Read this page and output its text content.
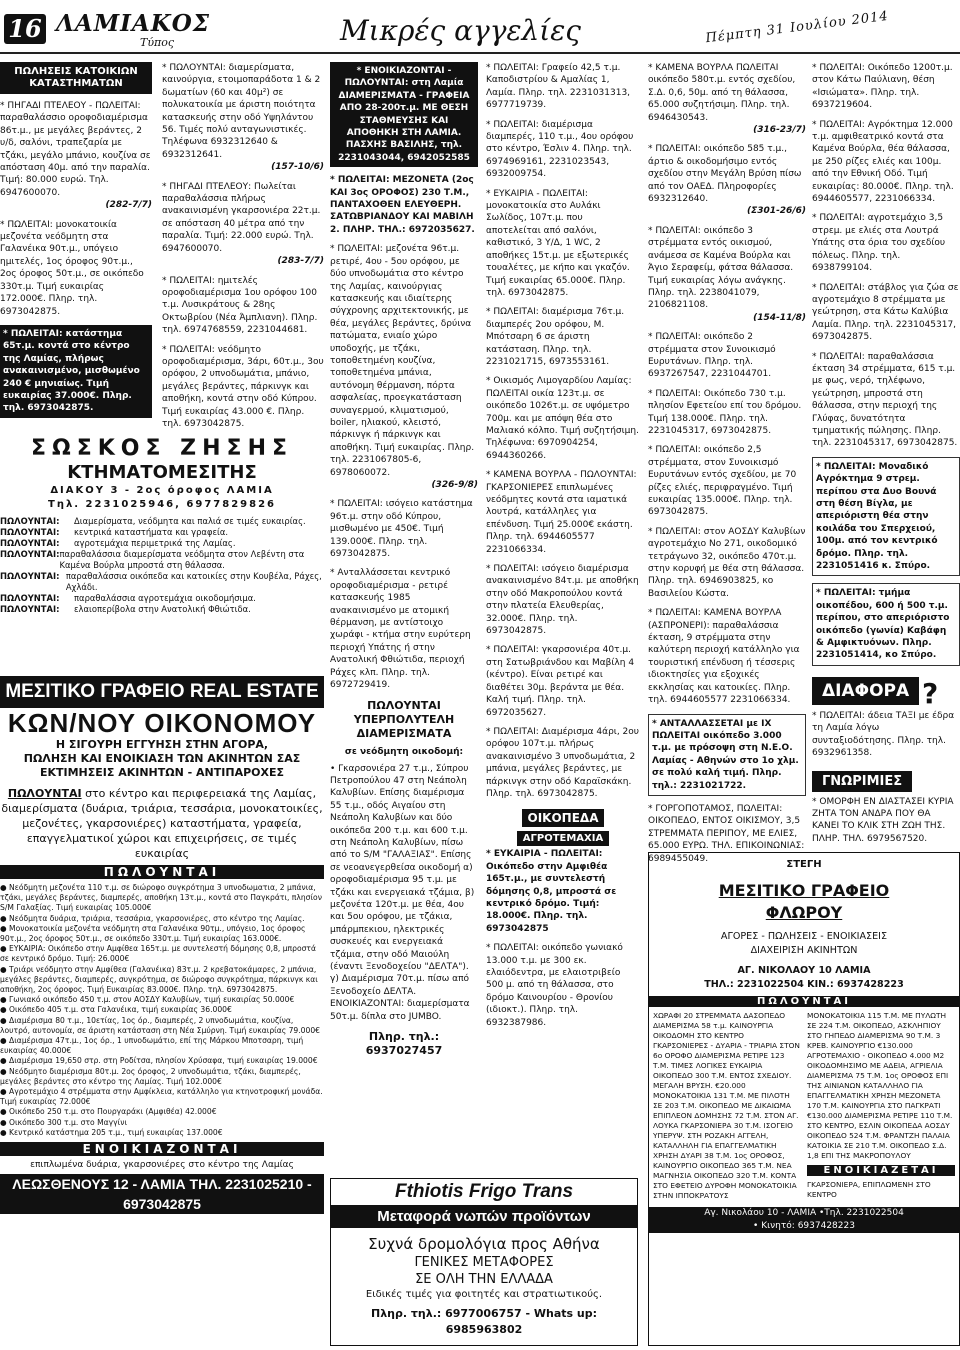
16 ΛΑΜΙΑΚΟΣ
Τύπος	Μικρές αγγελίες	Πέμπτη 31 Ιουλίου 2014
ΠΩΛΗΣΕΙΣ ΚΑΤΟΙΚΙΩΝ ΚΑΤΑΣΤΗΜΑΤΩΝ
* ΠΗΓΑΔΙ ΠΤΕΛΕΟΥ - ΠΩΛΕΙΤΑΙ: παραθαλάσσιο οροφοδιαμέρισμα 86τ.μ., με μεγάλες βεράντες, 2 υ/δ, σαλόνι, τραπεζαρία με τζάκι, μεγάλο μπάνιο, κουζίνα σε απόσταση 40μ. από την παραλία. Τιμή: 80.000 ευρώ. Τηλ. 6947600070.
(282-7/7)
* ΠΩΛΕΙΤΑΙ: μονοκατοικία μεζονέτα νεόδμητη στα Γαλανέικα 90τ.μ., υπόγειο ημιτελές, 1ος όροφος 90τ.μ., 2ος όροφος 50τ.μ., σε οικόπεδο 330τ.μ. Τιμή ευκαιρίας 172.000€. Πληρ. τηλ. 6973042875.
* ΠΩΛΕΙΤΑΙ: κατάστημα 65τ.μ. κοντά στο κέντρο της Λαμίας, πλήρως ανακαινισμένο, μισθωμένο 240 € μηνιαίως. Τιμή ευκαιρίας 37.000€. Πληρ. τηλ. 6973042875.
* ΠΩΛΟΥΝΤΑΙ: διαμερίσματα, καινούργια, ετοιμοπαράδοτα 1 & 2 δωματίων (60 και 40μ²) σε πολυκατοικία με άριστη ποιότητα κατασκευής στην οδό Υψηλάντου 56. Τιμές πολύ ανταγωνιστικές. Τηλέφωνα 6932312640 & 6932312641.
(157-10/6)
* ΠΗΓΑΔΙ ΠΤΕΛΕΟΥ: Πωλείται παραθαλάσσια πλήρως ανακαινισμένη γκαρσονιέρα 22τ.μ. σε απόσταση 40 μέτρα από την παραλία. Τιμή: 22.000 ευρώ. Τηλ. 6947600070.
(283-7/7)
* ΠΩΛΕΙΤΑΙ: ημιτελές οροφοδιαμέρισμα 1ου ορόφου 100 τ.μ. Λυσικράτους & 28ης Οκτωβρίου (Νέα Άμπλιανη). Πληρ. τηλ. 6974768559, 2231044681.
* ΠΩΛΕΙΤΑΙ: νεόδμητο οροφοδιαμέρισμα, 3άρι, 60τ.μ., 3ου ορόφου, 2 υπνοδωμάτια, μπάνιο, μεγάλες βεράντες, πάρκινγκ και αποθήκη, κοντά στην οδό Κύπρου. Τιμή ευκαιρίας 43.000 €. Πληρ. τηλ. 6973042875.
ΣΩΣΚΟΣ ΖΗΣΗΣ
ΚΤΗΜΑΤΟΜΕΣΙΤΗΣ
ΔΙΑΚΟΥ 3 - 2ος όροφος ΛΑΜΙΑ
Τηλ. 2231025946, 6977829826
ΠΩΛΟΥΝΤΑΙ:	Διαμερίσματα, νεόδμητα και παλιά σε τιμές ευκαιρίας.
ΠΩΛΟΥΝΤΑΙ:	κεντρικά καταστήματα και γραφεία.
ΠΩΛΟΥΝΤΑΙ:	αγροτεμάχια περιμετρικά της Λαμίας.
ΠΩΛΟΥΝΤΑΙ: παραθαλάσσια διαμερίσματα νεόδμητα στον Λεβέντη στα Καμένα Βούρλα μπροστά στη θάλασσα.
ΠΩΛΟΥΝΤΑΙ: παραθαλάσσια οικόπεδα και κατοικίες στην Κουβέλα, Ράχες, Αχλάδι.
ΠΩΛΟΥΝΤΑΙ:	παραθαλάσσια αγροτεμάχια οικοδομήσιμα.
ΠΩΛΟΥΝΤΑΙ:	ελαιοπερίβολα στην Ανατολική Φθιώτιδα.
ΜΕΣΙΤΙΚΟ ΓΡΑΦΕΙΟ REAL ESTATE
ΚΩΝ/ΝΟΥ ΟΙΚΟΝΟΜΟΥ
Η ΣΙΓΟΥΡΗ ΕΓΓΥΗΣΗ ΣΤΗΝ ΑΓΟΡΑ,
ΠΩΛΗΣΗ ΚΑΙ ΕΝΟΙΚΙΑΣΗ ΤΩΝ ΑΚΙΝΗΤΩΝ ΣΑΣ
ΕΚΤΙΜΗΣΕΙΣ ΑΚΙΝΗΤΩΝ - ΑΝΤΙΠΑΡΟΧΕΣ
ΠΩΛΟΥΝΤΑΙ στο κέντρο και περιφερειακά της Λαμίας, διαμερίσματα (δυάρια, τριάρια, τεσσάρια, μονοκατοικίες, μεζονέτες, γκαρσονιέρες) καταστήματα, γραφεία, επαγγελματικοί χώροι και επιχειρήσεις, σε τιμές ευκαιρίας
ΠΩΛΟΥΝΤΑΙ
● Νεόδμητη μεζονέτα 110 τ.μ. σε διώροφο συγκρότημα 3 υπνοδωματια, 2 μπάνια, τζάκι, μεγάλες βεράντες, διαμπερές, αποθήκη 13τ.μ., κοντά στο Παγκράτι, πλησίον S/M Γαλαξίας. Τιμή ευκαιρίας 105.000€
● Νεόδμητα δυάρια, τριάρια, τεσσάρια, γκαρσονιέρες, στο κέντρο της Λαμίας.
● Μονοκατοικία μεζονέτα νεόδμητη στα Γαλανέικα 90τμ., υπόγειο, 1ος όροφος 90τ.μ., 2ος όροφος 50τ.μ., σε οικόπεδο 330τ.μ. Τιμή ευκαιρίας 163.000€.
● ΕΥΚΑΙΡΙΑ: Οικόπεδο στην Αμφίθεα 165τ.μ. με συντελεστή δόμησης 0,8, μπροστά σε κεντρικό δρόμο. Τιμή: 26.000€
● Τριάρι νεόδμητο στην Αμφίθεα (Γαλανέικα) 83τ.μ. 2 κρεβατοκάμαρες, 2 μπάνια, μεγάλες βεράντες, διαμπερές, συγκρότημα, σε διώροφο συγκρότημα, πάρκινγκ και αποθήκη, 2ος όροφος. Τιμή Ευκαιρίας 83.000€. Πληρ. τηλ. 6973042875.
● Γωνιακό οικόπεδο 450 τ.μ. στον ΑΟΣΔΥ Καλυβίων, τιμή ευκαιρίας 50.000€
● Οικόπεδο 405 τ.μ. στα Γαλανέικα, τιμή ευκαιρίας 36.000€
● Διαμέρισμα 80 τ.μ., 10ετίας, 1ος όρ., διαμπερές, 2 υπνοδωμάτια, κουζίνα, λουτρό, αυτονομία, σε άριστη κατάσταση στη Νέα Σμύρνη. Τιμή ευκαιρίας 79.000€
● Διαμέρισμα 47τ.μ., 1ος όρ., 1 υπνοδωμάτιο, επί της Μάρκου Μποτσαρη, τιμή ευκαιρίας 40.000€
● Διαμέρισμα 19,650 στρ. στη Ροδίτσα, πλησίον Χρύσαφα, τιμή ευκαιρίας 19.000€
● Νεόδμητο διαμέρισμα 80τ.μ. 2ος όροφος, 2 υπνοδωμάτια, τζάκι, διαμπερές, μεγάλες βεράντες στο κέντρο της Λαμίας. Τιμή 102.000€
● Αγροτεμάχιο 4 στρέμματα στην Αμφίκλεια, κατάλληλο για κτηνοτροφική μονάδα. Τιμή ευκαιρίας 72.000€
● Οικόπεδο 250 τ.μ. στο Πουργαράκι (Αμφιθέα) 42.000€
● Οικόπεδο 300 τ.μ. στο Μαγγίνι
● Κεντρικό κατάστημα 205 τ.μ., τιμή ευκαιρίας 137.000€
ΕΝΟΙΚΙΑΖΟΝΤΑΙ
επιπλωμένα δυάρια, γκαρσονιέρες στο κέντρο της Λαμίας
ΛΕΩΣΘΕΝΟΥΣ 12 - ΛΑΜΙΑ ΤΗΛ. 2231025210 - 6973042875
* ΕΝΟΙΚΙΑΖΟΝΤΑΙ - ΠΩΛΟΥΝΤΑΙ: στη Λαμία ΔΙΑΜΕΡΙΣΜΑΤΑ - ΓΡΑΦΕΙΑ ΑΠΟ 28-200τ.μ. ΜΕ ΘΕΣΗ ΣΤΑΘΜΕΥΣΗΣ ΚΑΙ ΑΠΟΘΗΚΗ ΣΤΗ ΛΑΜΙΑ. ΠΑΣΧΗΣ ΒΑΣΙΛΗΣ, τηλ. 2231043044, 6942052585
* ΠΩΛΕΙΤΑΙ: ΜΕΖΟΝΕΤΑ (2ος ΚΑΙ 3ος ΟΡΟΦΟΣ) 230 Τ.Μ., ΠΑΝΤΑΧΟΘΕΝ ΕΛΕΥΘΕΡΗ. ΣΑΤΩΒΡΙΑΝΔΟΥ ΚΑΙ ΜΑΒΙΛΗ 2. ΠΛΗΡ. ΤΗΛ.: 6972035627.
* ΠΩΛΕΙΤΑΙ: μεζονέτα 96τ.μ. ρετιρέ, 4ου - 5ου ορόφου, με δύο υπνοδωμάτια στο κέντρο της Λαμίας, καινούργιας κατασκευής και ιδιαίτερης σύγχρονης αρχιτεκτονικής, με θέα, μεγάλες βεράντες, δρύινα πατώματα, ενιαίο χώρο υποδοχής, με τζάκι, τοποθετημένη κουζίνα, τοποθετημένα μπάνια, αυτόνομη θέρμανση, πόρτα ασφαλείας, προεγκατάσταση συναγερμού, κλιματισμού, boiler, ηλιακού, κλειστό, πάρκινγκ ή πάρκινγκ και αποθήκη. Τιμή ευκαιρίας. Πληρ. τηλ. 2231067805-6, 6978060072.
(326-9/8)
* ΠΩΛΕΙΤΑΙ: ισόγειο κατάστημα 96τ.μ. στην οδό Κύπρου, μισθωμένο με 450€. Τιμή 139.000€. Πληρ. τηλ. 6973042875.
* Ανταλλάσσεται κεντρικό οροφοδιαμέρισμα - ρετιρέ κατασκευής 1985 ανακαινισμένο με ατομική θέρμανση, με αντίστοιχο χωράφι - κτήμα στην ευρύτερη περιοχή Υπάτης ή στην Ανατολική Φθιώτιδα, περιοχή Ράχες κλπ. Πληρ. τηλ. 6972729419.
ΠΩΛΟΥΝΤΑΙ ΥΠΕΡΠΟΛΥΤΕΛΗ ΔΙΑΜΕΡΙΣΜΑΤΑ
σε νεόδμητη οικοδομή:
• Γκαρσονιέρα 27 τ.μ., Σύπρου Πετροπούλου 47 στη Νεάπολη Καλυβίων. Επίσης διαμέρισμα 55 τ.μ., οδός Αιγαίου στη Νεάπολη Καλυβίων και δύο οικόπεδα 200 τ.μ. και 600 τ.μ. στη Νεάπολη Καλυβίων, πίσω από το S/M "ΓΑΛΑΞΙΑΣ". Επίσης σε νεοανεγερθείσα οικοδομή α) οροφοδιαμέρισμα 95 τ.μ. με τζάκι και ενεργειακά τζάμια, β) μεζονέτα 120τ.μ. με θέα, 4ου και 5ου ορόφου, με τζάκια, μπάρμπεκιου, ηλεκτρικές συσκευές και ενεργειακά τζάμια, στην οδό Μαιούλη (έναντι Ξενοδοχείου "ΔΕΛΤΑ"). γ) Διαμέρισμα 70τ.μ. πίσω από Ξενοδοχείο ΔΕΛΤΑ. ΕΝΟΙΚΙΑΖΟΝΤΑΙ: διαμερίσματα 50τ.μ. δίπλα στο JUMBO.
Πληρ. τηλ.: 6937027457
* ΠΩΛΕΙΤΑΙ: Γραφείο 42,5 τ.μ. Καποδιστρίου & Αμαλίας 1, Λαμία. Πληρ. τηλ. 2231031313, 6977719739.
* ΠΩΛΕΙΤΑΙ: διαμέρισμα διαμπερές, 110 τ.μ., 4ου ορόφου στο κέντρο, Έσλιν 4. Πληρ. τηλ. 6974969161, 2231023543, 6932009754.
* ΕΥΚΑΙΡΙΑ - ΠΩΛΕΙΤΑΙ: μονοκατοικία στο Αυλάκι Σωλίδος, 107τ.μ. που αποτελείται από σαλόνι, καθιστικό, 3 Υ/Δ, 1 WC, 2 αποθήκες 15τ.μ. με εξωτερικές τουαλέτες, με κήπο και γκαζόν. Τιμή ευκαιρίας 65.000€. Πληρ. τηλ. 6973042875.
* ΠΩΛΕΙΤΑΙ: διαμέρισμα 76τ.μ. διαμπερές 2ου ορόφου, Μ. Μπότσαρη 6 σε άριστη κατάσταση. Πληρ. τηλ. 2231021715, 6973553161.
* Οικισμός Λιμογαρδίου Λαμίας: ΠΩΛΕΙΤΑΙ οικία 123τ.μ. σε οικόπεδο 1026τ.μ. σε υψόμετρο 700μ. και με απόψη θέα στο Μαλιακό κόλπο. Τιμή συζητήσιμη. Τηλέφωνα: 6970904254, 6944360266.
* ΚΑΜΕΝΑ ΒΟΥΡΛΑ - ΠΩΛΟΥΝΤΑΙ: ΓΚΑΡΣΟΝΙΕΡΕΣ επιπλωμένες νεόδμητες κοντά στα ιαματικά λουτρά, κατάλληλες για επένδυση. Τιμή 25.000€ εκάστη. Πληρ. τηλ. 6944605577 2231066334.
* ΠΩΛΕΙΤΑΙ: ισόγειο διαμέρισμα ανακαινισμένο 84τ.μ. με αποθήκη στην οδό Μακροπούλου κοντά στην πλατεία Ελευθερίας, 32.000€. Πληρ. τηλ. 6973042875.
* ΠΩΛΕΙΤΑΙ: γκαρσονιέρα 40τ.μ. στη Σατωβριάνδου και Μαβίλη 4 (κέντρο). Είναι ρετιρέ και διαθέτει 30μ. βεράντα με θέα. Καλή τιμή. Πληρ. τηλ. 6972035627.
* ΠΩΛΕΙΤΑΙ: Διαμέρισμα 4άρι, 2ου ορόφου 107τ.μ. πλήρως ανακαινισμένο 3 υπνοδωμάτια, 2 μπάνια, μεγάλες βεράντες, με πάρκινγκ στην οδό Καραϊσκάκη. Πληρ. τηλ. 6973042875.
ΟΙΚΟΠΕΔΑ
ΑΓΡΟΤΕΜΑΧΙΑ
* ΕΥΚΑΙΡΙΑ - ΠΩΛΕΙΤΑΙ: Οικόπεδο στην Αμφιθέα 165τ.μ., με συντελεστή δόμησης 0,8, μπροστά σε κεντρικό δρόμο. Τιμή: 18.000€. Πληρ. τηλ. 6973042875
* ΠΩΛΕΙΤΑΙ: οικόπεδο γωνιακό 13.000 τ.μ. με 300 εκ. ελαιόδεντρα, με ελαιοτριβείο 500 μ. από τη θάλασσα, στο δρόμο Καινουρίου - Θρονίου (ιδιοκτ.). Πληρ. τηλ. 6932387986.
* ΚΑΜΕΝΑ ΒΟΥΡΛΑ ΠΩΛΕΙΤΑΙ οικόπεδο 580τ.μ. εντός σχεδίου, Σ.Δ. 0,6, 50μ. από τη θάλασσα, 65.000 συζητήσιμη. Πληρ. τηλ. 6946430543.
(316-23/7)
* ΠΩΛΕΙΤΑΙ: οικόπεδο 585 τ.μ., άρτιο & οικοδομήσιμο εντός σχεδίου στην Μεγάλη Βρύση πίσω από τον ΟΑΕΔ. Πληροφορίες 6932312640.
(Σ301-26/6)
* ΠΩΛΕΙΤΑΙ: οικόπεδο 3 στρέμματα εντός οικισμού, ανάμεσα σε Καμένα Βούρλα και Άγιο Σεραφείμ, φάτσα θάλασσα. Τιμή ευκαιρίας λόγω ανάγκης. Πληρ. τηλ. 2238041079, 2106821108.
(154-11/8)
* ΠΩΛΕΙΤΑΙ: οικόπεδο 2 στρέμματα στον Συνοικισμό Ευρυτάνων. Πληρ. τηλ. 6937267547, 2231044701.
* ΠΩΛΕΙΤΑΙ: Οικόπεδο 730 τ.μ. πλησίον Εφετείου επί του δρόμου. Τιμή 138.000€. Πληρ. τηλ. 2231045317, 6973042875.
* ΠΩΛΕΙΤΑΙ: οικόπεδο 2,5 στρέμματα, στον Συνοικισμό Ευρυτάνων εντός σχεδίου, με 70 ρίζες ελιές, περιφραγμένο. Τιμή ευκαιρίας 135.000€. Πληρ. τηλ. 6973042875.
* ΠΩΛΕΙΤΑΙ: στον ΑΟΣΔΥ Καλυβίων αγροτεμάχιο Νο 271, οικοδομικό τετράγωνο 32, οικόπεδο 470τ.μ. στην κορυφή με θέα στη θάλασσα. Πληρ. τηλ. 6946903825, κο Βασιλείου Κώστα.
* ΠΩΛΕΙΤΑΙ: ΚΑΜΕΝΑ ΒΟΥΡΛΑ (ΑΣΠΡΟΝΕΡΙ): παραθαλάσσια έκταση, 9 στρέμματα στην καλύτερη περιοχή κατάλληλο για τουριστική επένδυση ή τέσσερις ιδιοκτησίες για εξοχικές εκκλησίας και κατοικίες. Πληρ. τηλ. 6944605577 2231066334.
* ΑΝΤΑΛΛΑΣΣΕΤΑΙ με ΙΧ ΠΩΛΕΙΤΑΙ οικόπεδο 3.000 τ.μ. με πρόσοψη στη Ν.Ε.Ο. Λαμίας - Αθηνών στο 1ο χλμ. σε πολύ καλή τιμή. Πληρ. τηλ.: 2231021722.
* ΓΟΡΓΟΠΟΤΑΜΟΣ, ΠΩΛΕΙΤΑΙ: ΟΙΚΟΠΕΔΟ, ΕΝΤΟΣ ΟΙΚΙΣΜΟΥ, 3,5 ΣΤΡΕΜΜΑΤΑ ΠΕΡΙΠΟΥ, ΜΕ ΕΛΙΕΣ, 65.000 ΕΥΡΩ. ΤΗΛ. ΕΠΙΚΟΙΝΩΝΙΑΣ: 6989455049.
* ΠΩΛΕΙΤΑΙ: Οικόπεδο 1200τ.μ. στον Κάτω Παύλιανη, θέση «Ισιώματα». Πληρ. τηλ. 6937219604.
* ΠΩΛΕΙΤΑΙ: Αγρόκτημα 12.000 τ.μ. αμφιθεατρικό κοντά στα Καμένα Βούρλα, θέα θάλασσα, με 250 ρίζες ελιές και 100μ. από την Εθνική Οδό. Τιμή ευκαιρίας: 80.000€. Πληρ. τηλ. 6944605577, 2231066334.
* ΠΩΛΕΙΤΑΙ: αγροτεμάχιο 3,5 στρεμ. με ελιές στα Λουτρά Υπάτης στα όρια του σχεδίου πόλεως. Πληρ. τηλ. 6938799104.
* ΠΩΛΕΙΤΑΙ: στάβλος για ζώα σε αγροτεμάχιο 8 στρέμματα με γεώτρηση, στα Κάτω Καλύβια Λαμία. Πληρ. τηλ. 2231045317, 6973042875.
* ΠΩΛΕΙΤΑΙ: παραθαλάσσια έκταση 34 στρέμματα, 615 τ.μ. με φως, νερό, τηλέφωνο, γεώτρηση, μπροστά στη θάλασσα, στην περιοχή της Γλύφας, δυνατότητα τμηματικής πώλησης. Πληρ. τηλ. 2231045317, 6973042875.
* ΠΩΛΕΙΤΑΙ: Μοναδικό Αγρόκτημα 9 στρεμ. περίπου στα Δυο Βουνά στη θέση Βίγλα, με απεριόριστη θέα στην κοιλάδα του Σπερχειού, 100μ. από τον κεντρικό δρόμο. Πληρ. τηλ. 2231051416 κ. Σπύρο.
* ΠΩΛΕΙΤΑΙ: τμήμα οικοπέδου, 600 ή 500 τ.μ. περίπου, στο απεριόριστο οικόπεδο (γωνία) Καβάφη & Αμφικτυόνων. Πληρ. 2231051414, κο Σπύρο.
ΔΙΑΦΟΡΑ ?
* ΠΩΛΕΙΤΑΙ: άδεια ΤΑΞΙ με έδρα τη Λαμία λόγω συνταξιοδότησης. Πληρ. τηλ. 6932961358.
ΓΝΩΡΙΜΙΕΣ
* ΟΜΟΡΦΗ ΕΝ ΔΙΑΣΤΑΣΕΙ ΚΥΡΙΑ ΖΗΤΑ ΤΟΝ ΑΝΔΡΑ ΠΟΥ ΘΑ ΚΑΝΕΙ ΤΟ ΚΛΙΚ ΣΤΗ ΖΩΗ ΤΗΣ. ΠΛΗΡ. ΤΗΛ. 6979567520.
ΣΤΕΓΗ
ΜΕΣΙΤΙΚΟ ΓΡΑΦΕΙΟ
ΦΛΩΡΟΥ
ΑΓΟΡΕΣ - ΠΩΛΗΣΕΙΣ - ΕΝΟΙΚΙΑΣΕΙΣ
ΔΙΑΧΕΙΡΙΣΗ ΑΚΙΝΗΤΩΝ
ΑΓ. ΝΙΚΟΛΑΟΥ 10 ΛΑΜΙΑ
ΤΗΛ.: 2231022504 ΚΙΝ.: 6937428223
ΠΩΛΟΥΝΤΑΙ
ΧΩΡΑΦΙ 20 ΣΤΡΕΜΜΑΤΑ ΔΑΣΟΠΕΔΟ ΔΙΑΜΕΡΙΣΜΑ 58 τ.μ. ΚΑΙΝΟΥΡΓΙΑ ΟΙΚΟΔΟΜΗ ΣΤΟ ΚΕΝΤΡΟ ΓΚΑΡΣΟΝΙΕΡΕΣ - ΔΥΑΡΙΑ - ΤΡΙΑΡΙΑ ΣΤΟΝ 6ο ΟΡΟΦΟ ΔΙΑΜΕΡΙΣΜΑ ΡΕΤΙΡΕ 123 Τ.Μ. ΤΙΜΕΣ ΛΟΓΙΚΕΣ ΕΥΚΑΙΡΙΑ ΟΙΚΟΠΕΔΟ 300 Τ.Μ. ΕΝΤΟΣ ΣΧΕΔΙΟΥ. ΜΕΓΑΛΗ ΒΡΥΣΗ. €20.000 ΜΟΝΟΚΑΤΟΙΚΙΑ 131 Τ.Μ. ΜΕ ΠΙΛΟΤΗ ΣΕ 203 Τ.Μ. ΟΙΚΟΠΕΔΟ ΜΕ ΔΙΚΑΙΩΜΑ ΕΠΙΠΛΕΟΝ ΔΟΜΗΣΗΣ 72 Τ.Μ. ΣΤΟΝ ΑΓ. ΛΟΥΚΑ ΓΚΑΡΣΟΝΙΕΡΑ 30 Τ.Μ. ΙΣΟΓΕΙΟ ΥΠΕΡΥΨ. ΣΤΗ ΡΟΖΑΚΗ ΑΓΓΕΛΗ, ΚΑΤΑΛΛΗΛΗ ΓΙΑ ΕΠΑΓΓΕΛΜΑΤΙΚΗ ΧΡΗΣΗ ΔΥΑΡΙ 38 Τ.Μ. 1ος ΟΡΟΦΟΣ, ΚΑΙΝΟΥΡΓΙΟ ΟΙΚΟΠΕΔΟ 365 Τ.Μ. ΝΕΑ ΜΑΓΝΗΣΙΑ ΟΙΚΟΠΕΔΟ 320 Τ.Μ. ΚΟΝΤΑ ΣΤΟ ΕΦΕΤΕΙΟ ΔΥΡΟΦΗ ΜΟΝΟΚΑΤΟΙΚΙΑ ΣΤΗΝ ΙΠΠΟΚΡΑΤΟΥΣ
ΜΟΝΟΚΑΤΟΙΚΙΑ 115 Τ.Μ. ΜΕ ΠΥΛΩΤΗ ΣΕ 224 Τ.Μ. ΟΙΚΟΠΕΔΟ, ΑΣΚΛΗΠΙΟΥ ΣΤΟ ΓΗΠΕΔΟ ΔΙΑΜΕΡΙΣΜΑ 90 Τ.Μ. 3 ΚΡΕΒ. ΚΑΙΝΟΥΡΓΙΟ €130.000 ΑΓΡΟΤΕΜΑΧΙΟ - ΟΙΚΟΠΕΔΟ 4.000 Μ2 ΟΙΚΟΔΟΜΗΣΙΜΟ ΜΕ ΑΔΕΙΑ, ΑΓΡΙΕΛΙΑ ΔΙΑΜΕΡΙΣΜΑ 75 Τ.Μ. 1ος ΟΡΟΦΟΣ ΕΠΙ ΤΗΣ ΑΙΝΙΑΝΩΝ ΚΑΤΑΛΛΗΛΟ ΓΙΑ ΕΠΑΓΓΕΛΜΑΤΙΚΗ ΧΡΗΣΗ ΜΕΖΟΝΕΤΑ 170 Τ.Μ. ΚΑΙΝΟΥΡΓΙΑ ΣΤΟ ΠΑΓΚΡΑΤΙ €130.000 ΔΙΑΜΕΡΙΣΜΑ ΡΕΤΙΡΕ 110 Τ.Μ. ΣΤΟ ΚΕΝΤΡΟ, ΕΣΛΙΝ ΟΙΚΟΠΕΔΑ ΑΟΣΔΥ ΟΙΚΟΠΕΔΟ 524 Τ.Μ. ΦΡΑΝΤΖΗ ΠΑΛΑΙΑ ΚΑΤΟΙΚΙΑ ΣΕ 210 Τ.Μ. ΟΙΚΟΠΕΔΟ Σ.Δ. 1,8 ΕΠΙ ΤΗΣ ΜΑΚΡΟΠΟΥΛΟΥ
ΕΝΟΙΚΙΑΖΕΤΑΙ
ΓΚΑΡΣΟΝΙΕΡΑ, ΕΠΙΠΛΩΜΕΝΗ ΣΤΟ ΚΕΝΤΡΟ
Αγ. Νικολάου 10 - ΛΑΜΙΑ •Τηλ. 2231022504
• Κινητό: 6937428223
Fthiotis Frigo Trans
Μεταφορά νωπών προϊόντων
Συχνά δρομολόγια προς Αθήνα
ΓΕΝΙΚΕΣ ΜΕΤΑΦΟΡΕΣ
ΣΕ ΟΛΗ ΤΗΝ ΕΛΛΑΔΑ
Ειδικές τιμές για φοιτητές και στρατιωτικούς.
Πληρ. τηλ.: 6977006757 - Whats up: 6985963802
